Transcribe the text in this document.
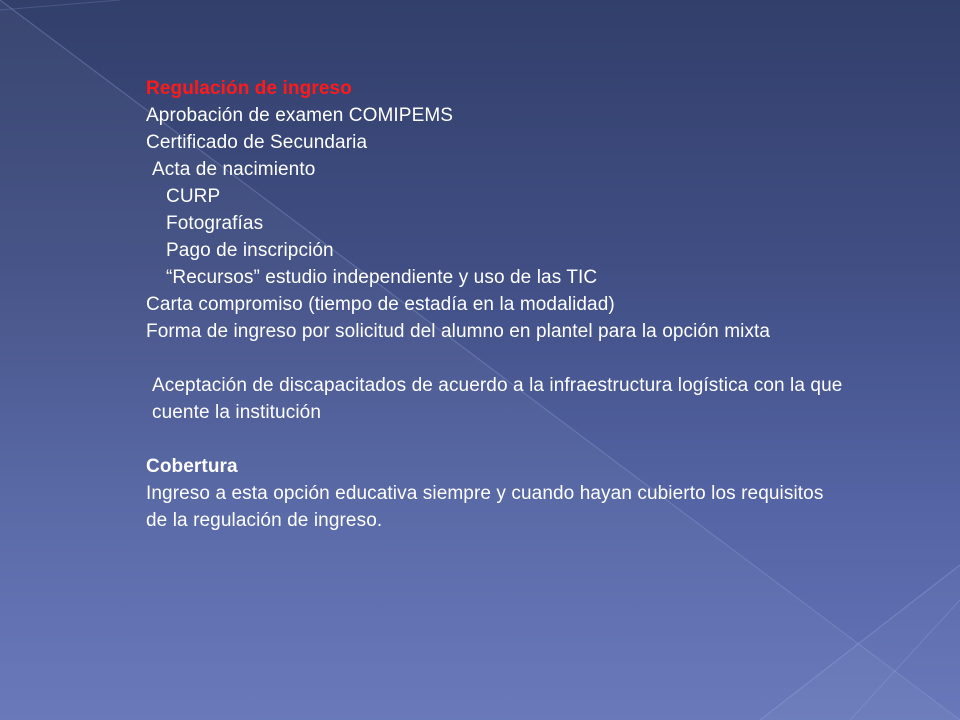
Regulación de ingreso
Aprobación de examen COMIPEMS
Certificado de Secundaria
Acta de nacimiento
CURP
Fotografías
Pago de inscripción
“Recursos” estudio independiente y uso de las TIC
Carta compromiso (tiempo de estadía en la modalidad)
Forma de ingreso por solicitud del alumno en plantel para la opción mixta
Aceptación de discapacitados de acuerdo a la infraestructura logística con la que cuente la institución
Cobertura
Ingreso a esta opción educativa siempre y cuando hayan cubierto los requisitos de la regulación de ingreso.
